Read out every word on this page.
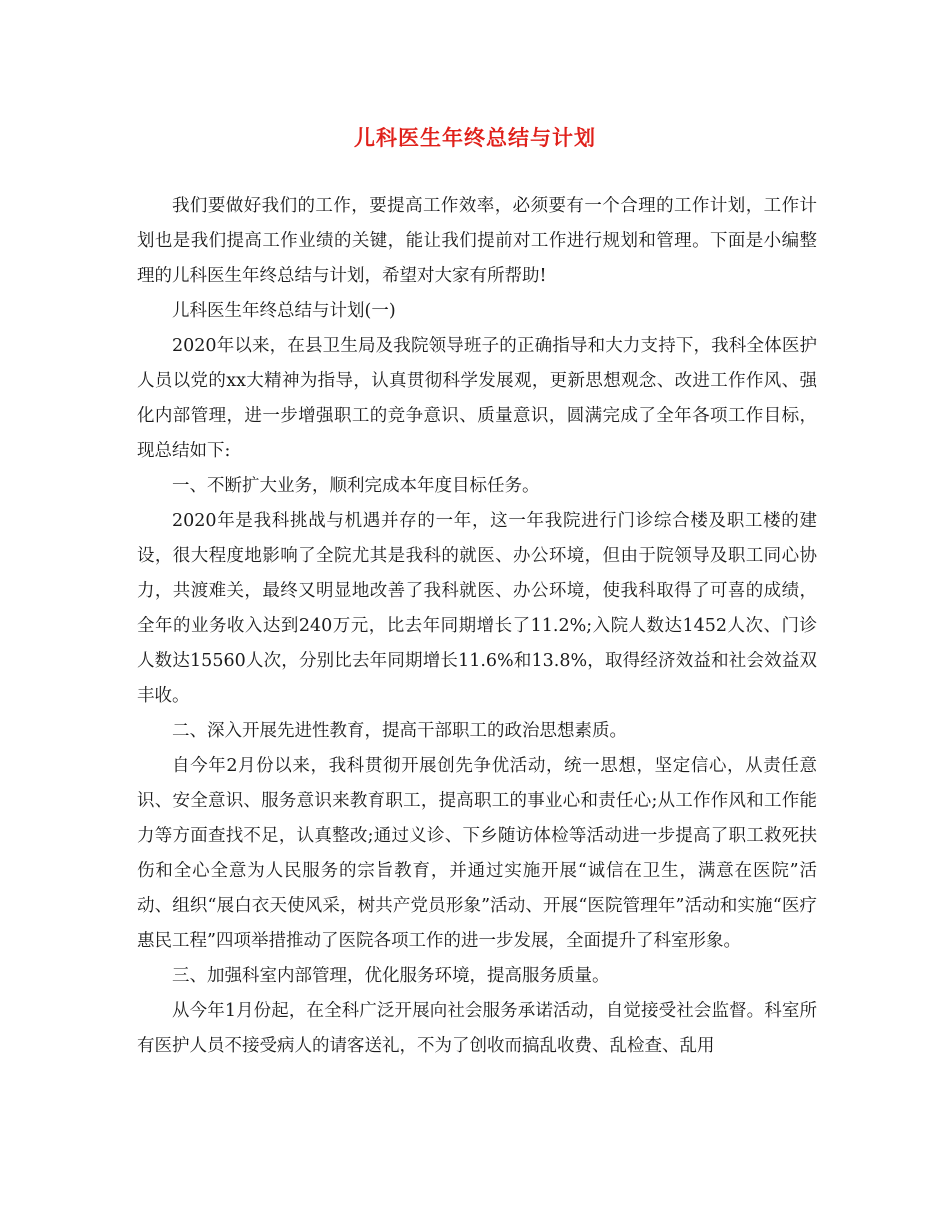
儿科医生年终总结与计划

我们要做好我们的工作，要提高工作效率，必须要有一个合理的工作计划，工作计划也是我们提高工作业绩的关键，能让我们提前对工作进行规划和管理。下面是小编整理的儿科医生年终总结与计划，希望对大家有所帮助!

儿科医生年终总结与计划(一)

2020年以来，在县卫生局及我院领导班子的正确指导和大力支持下，我科全体医护人员以党的xx大精神为指导，认真贯彻科学发展观，更新思想观念、改进工作作风、强化内部管理，进一步增强职工的竞争意识、质量意识，圆满完成了全年各项工作目标，现总结如下:

一、不断扩大业务，顺利完成本年度目标任务。

2020年是我科挑战与机遇并存的一年，这一年我院进行门诊综合楼及职工楼的建设，很大程度地影响了全院尤其是我科的就医、办公环境，但由于院领导及职工同心协力，共渡难关，最终又明显地改善了我科就医、办公环境，使我科取得了可喜的成绩，全年的业务收入达到240万元，比去年同期增长了11.2%;入院人数达1452人次、门诊人数达15560人次，分别比去年同期增长11.6%和13.8%，取得经济效益和社会效益双丰收。

二、深入开展先进性教育，提高干部职工的政治思想素质。

自今年2月份以来，我科贯彻开展创先争优活动，统一思想，坚定信心，从责任意识、安全意识、服务意识来教育职工，提高职工的事业心和责任心;从工作作风和工作能力等方面查找不足，认真整改;通过义诊、下乡随访体检等活动进一步提高了职工救死扶伤和全心全意为人民服务的宗旨教育，并通过实施开展“诚信在卫生，满意在医院”活动、组织“展白衣天使风采，树共产党员形象”活动、开展“医院管理年”活动和实施“医疗惠民工程”四项举措推动了医院各项工作的进一步发展，全面提升了科室形象。

三、加强科室内部管理，优化服务环境，提高服务质量。

从今年1月份起，在全科广泛开展向社会服务承诺活动，自觉接受社会监督。科室所有医护人员不接受病人的请客送礼，不为了创收而搞乱收费、乱检查、乱用
